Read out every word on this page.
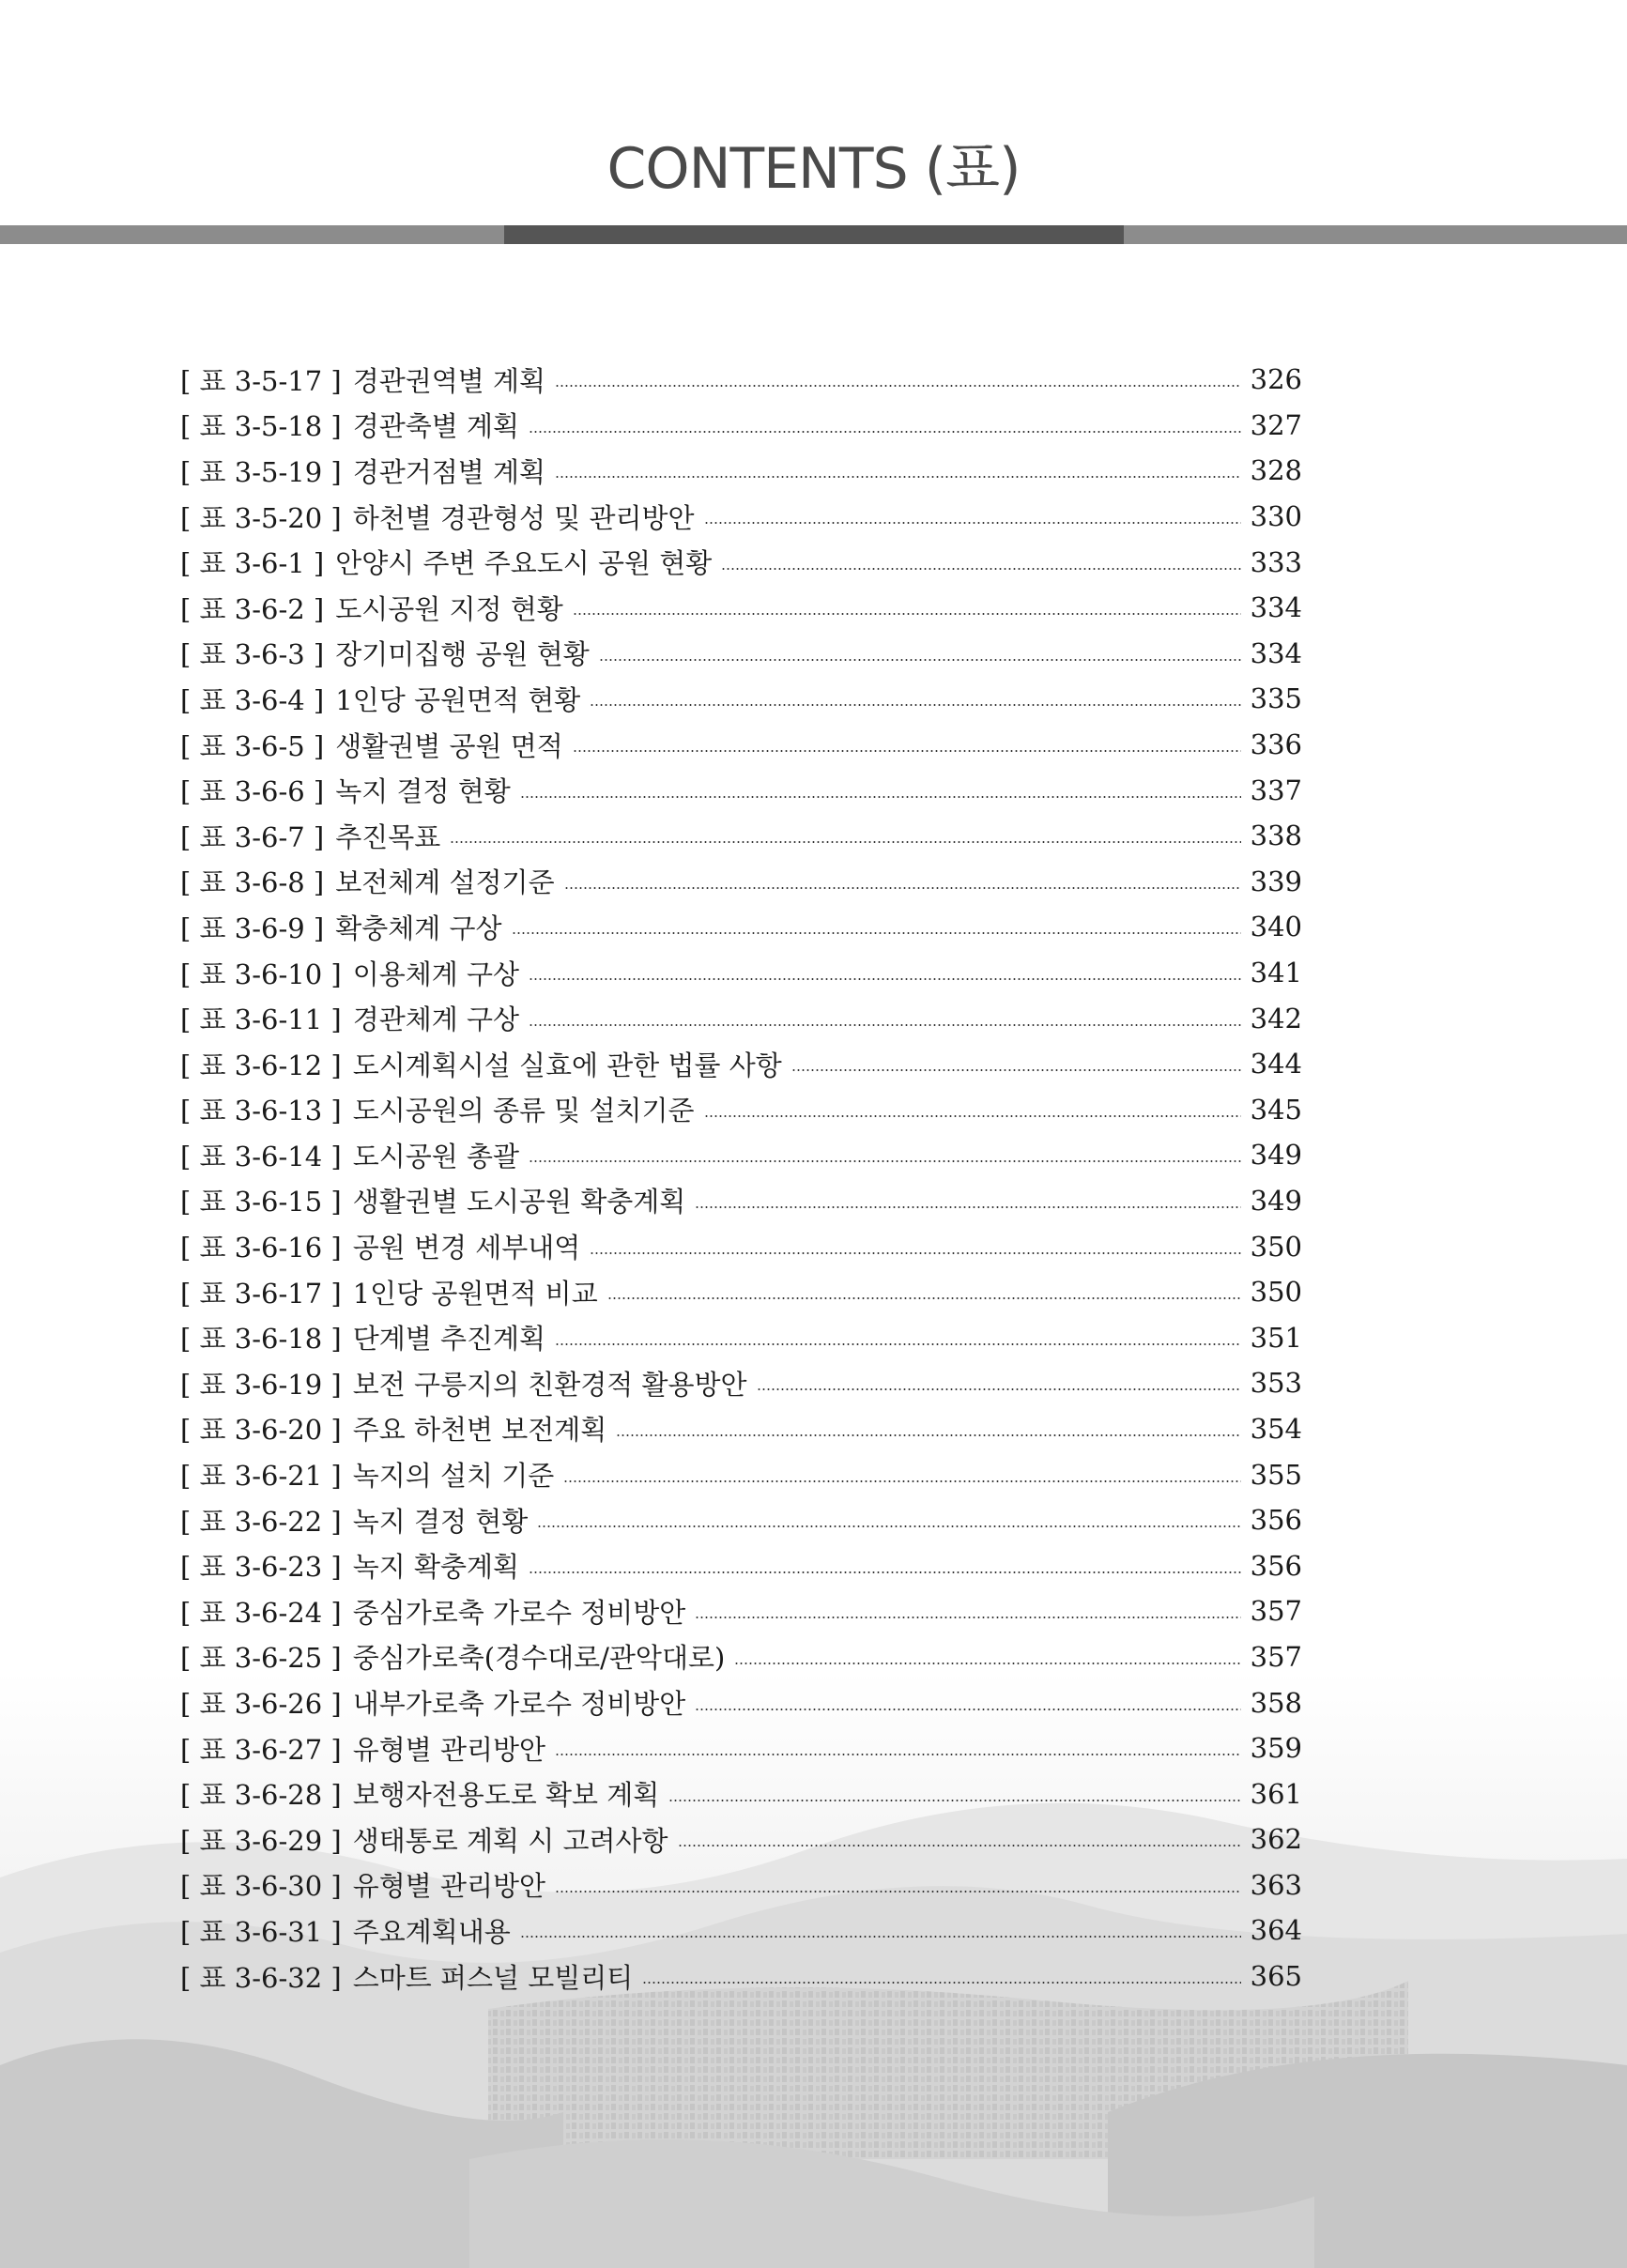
CONTENTS (표)
[ 표 3-5-17 ] 경관권역별 계획	326
[ 표 3-5-18 ] 경관축별 계획	327
[ 표 3-5-19 ] 경관거점별 계획	328
[ 표 3-5-20 ] 하천별 경관형성 및 관리방안	330
[ 표 3-6-1 ] 안양시 주변 주요도시 공원 현황	333
[ 표 3-6-2 ] 도시공원 지정 현황	334
[ 표 3-6-3 ] 장기미집행 공원 현황	334
[ 표 3-6-4 ] 1인당 공원면적 현황	335
[ 표 3-6-5 ] 생활권별 공원 면적	336
[ 표 3-6-6 ] 녹지 결정 현황	337
[ 표 3-6-7 ] 추진목표	338
[ 표 3-6-8 ] 보전체계 설정기준	339
[ 표 3-6-9 ] 확충체계 구상	340
[ 표 3-6-10 ] 이용체계 구상	341
[ 표 3-6-11 ] 경관체계 구상	342
[ 표 3-6-12 ] 도시계획시설 실효에 관한 법률 사항	344
[ 표 3-6-13 ] 도시공원의 종류 및 설치기준	345
[ 표 3-6-14 ] 도시공원 총괄	349
[ 표 3-6-15 ] 생활권별 도시공원 확충계획	349
[ 표 3-6-16 ] 공원 변경 세부내역	350
[ 표 3-6-17 ] 1인당 공원면적 비교	350
[ 표 3-6-18 ] 단계별 추진계획	351
[ 표 3-6-19 ] 보전 구릉지의 친환경적 활용방안	353
[ 표 3-6-20 ] 주요 하천변 보전계획	354
[ 표 3-6-21 ] 녹지의 설치 기준	355
[ 표 3-6-22 ] 녹지 결정 현황	356
[ 표 3-6-23 ] 녹지 확충계획	356
[ 표 3-6-24 ] 중심가로축 가로수 정비방안	357
[ 표 3-6-25 ] 중심가로축(경수대로/관악대로)	357
[ 표 3-6-26 ] 내부가로축 가로수 정비방안	358
[ 표 3-6-27 ] 유형별 관리방안	359
[ 표 3-6-28 ] 보행자전용도로 확보 계획	361
[ 표 3-6-29 ] 생태통로 계획 시 고려사항	362
[ 표 3-6-30 ] 유형별 관리방안	363
[ 표 3-6-31 ] 주요계획내용	364
[ 표 3-6-32 ] 스마트 퍼스널 모빌리티	365
